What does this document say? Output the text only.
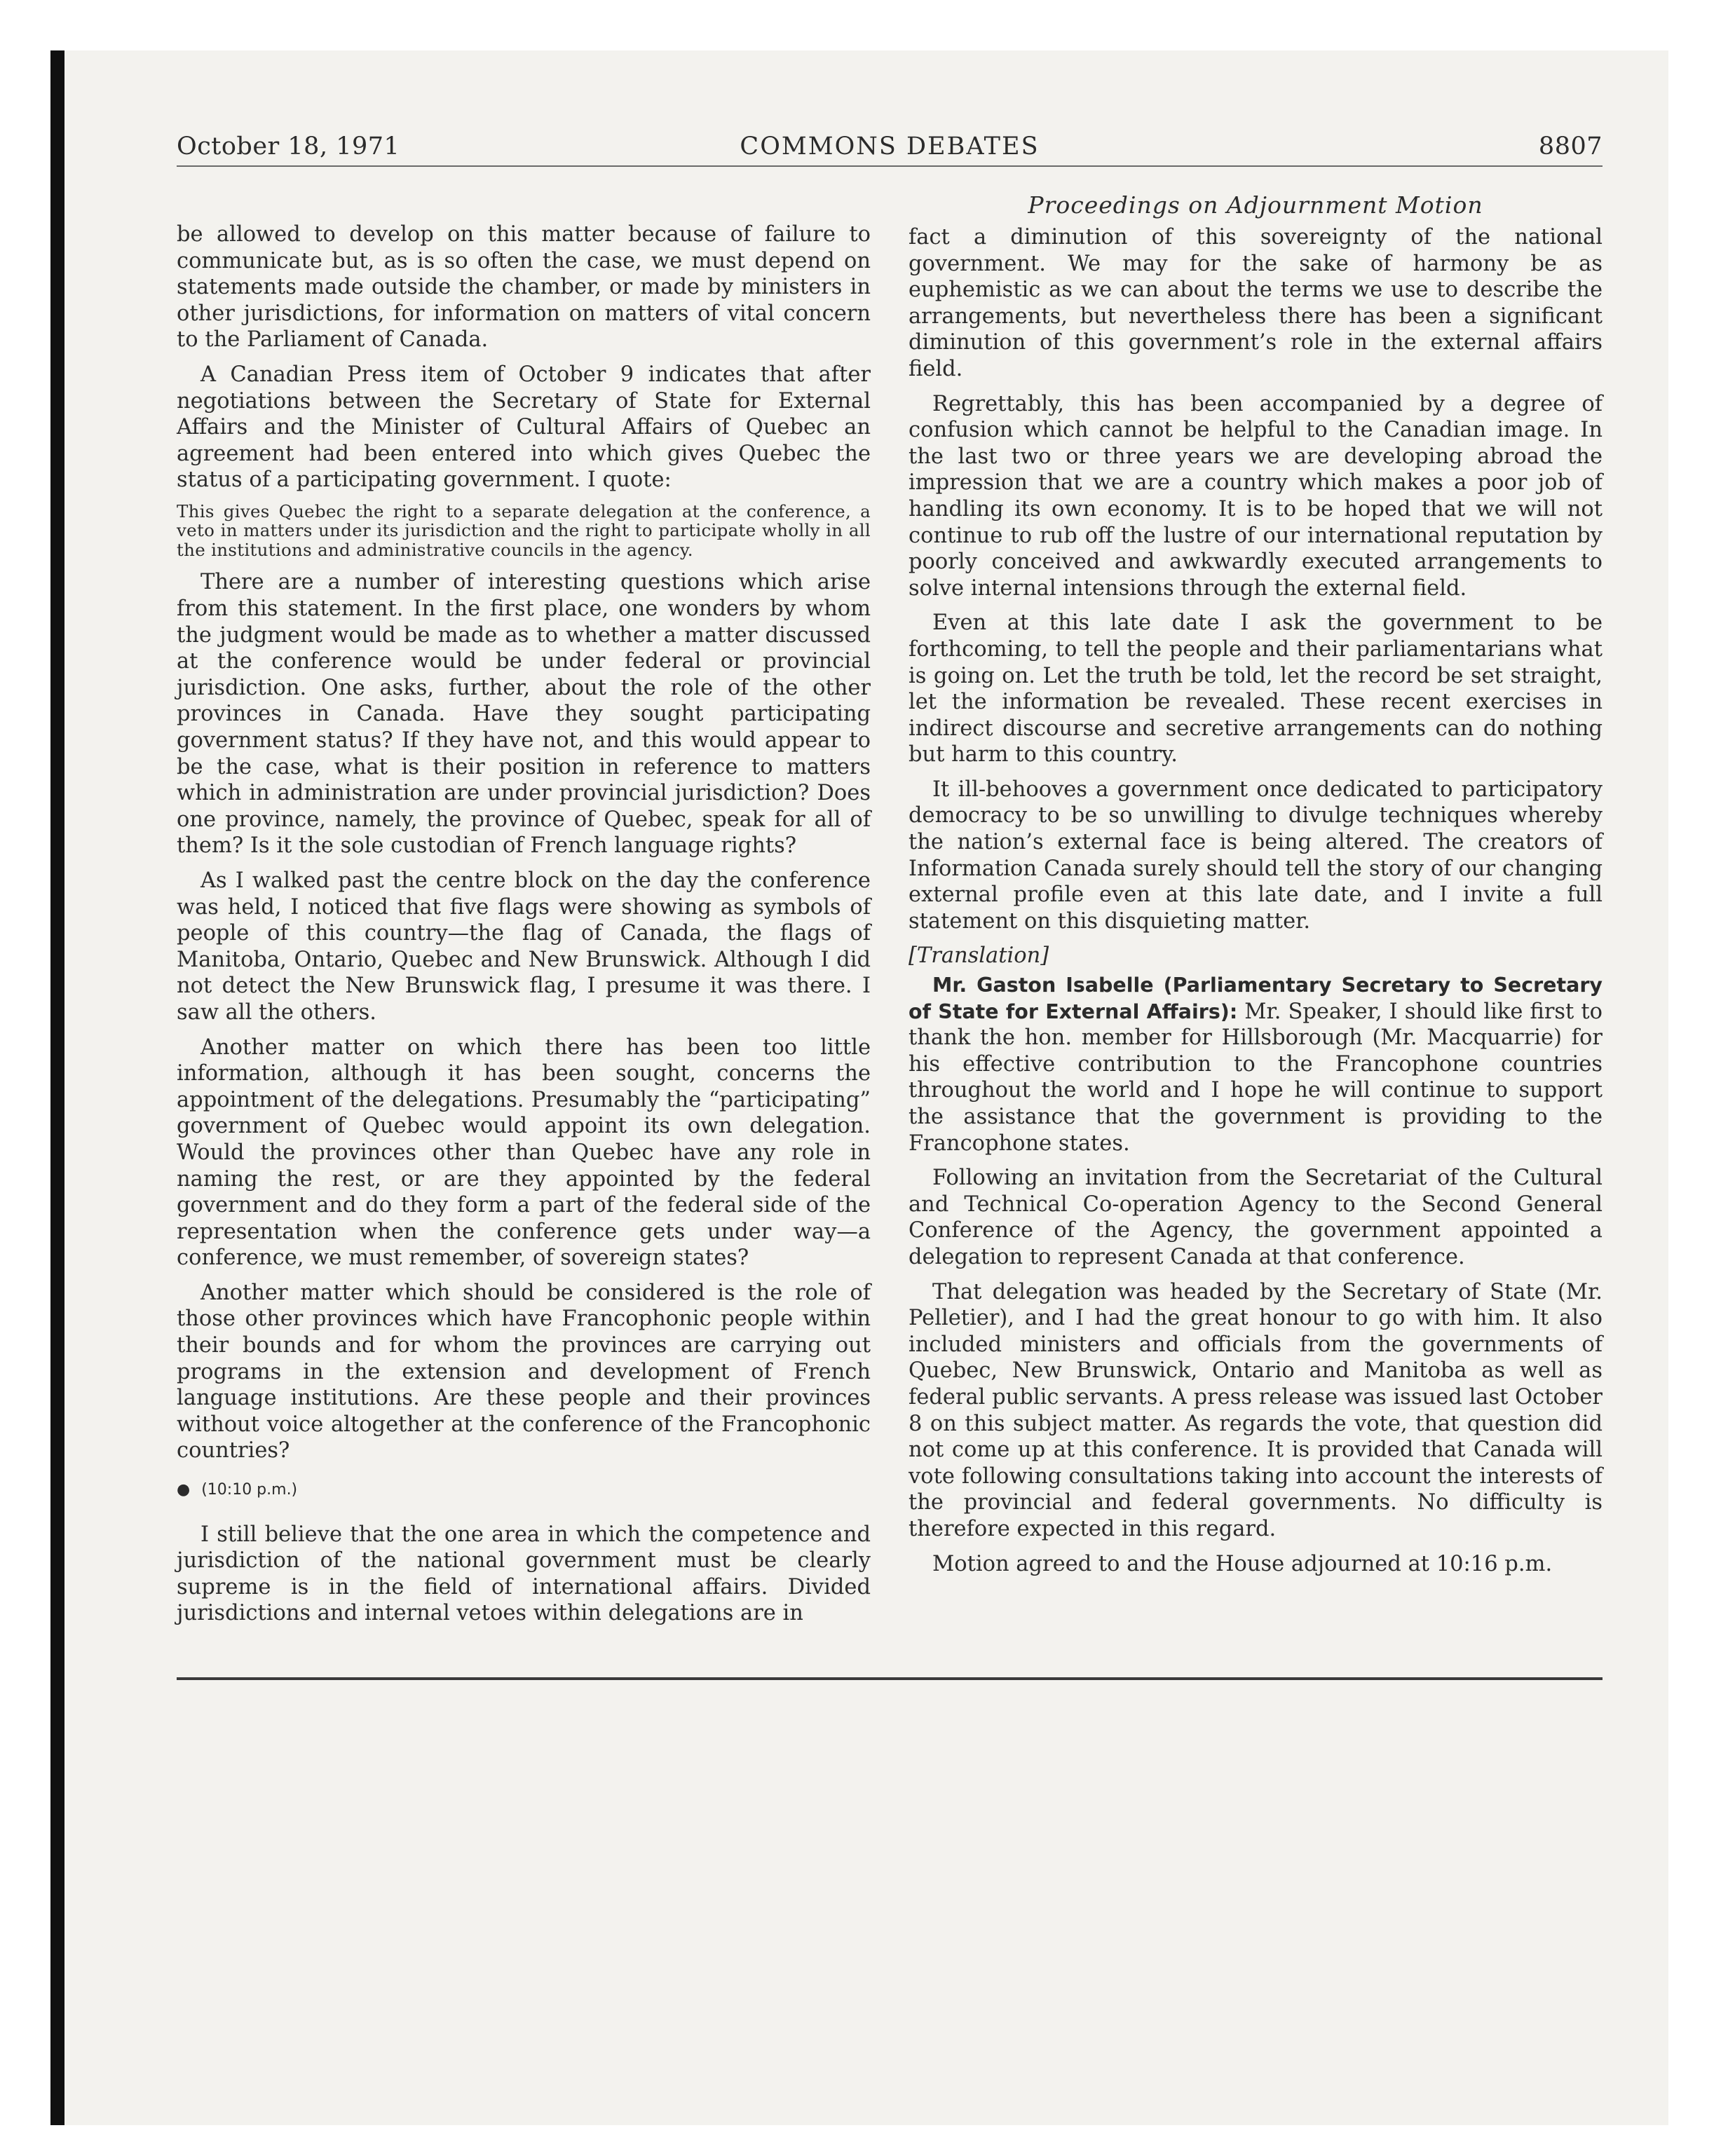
October 18, 1971	COMMONS DEBATES	8807
Proceedings on Adjournment Motion

be allowed to develop on this matter because of failure to communicate but, as is so often the case, we must depend on statements made outside the chamber, or made by ministers in other jurisdictions, for information on matters of vital concern to the Parliament of Canada.

A Canadian Press item of October 9 indicates that after negotiations between the Secretary of State for External Affairs and the Minister of Cultural Affairs of Quebec an agreement had been entered into which gives Quebec the status of a participating government. I quote:

This gives Quebec the right to a separate delegation at the conference, a veto in matters under its jurisdiction and the right to participate wholly in all the institutions and administrative councils in the agency.

There are a number of interesting questions which arise from this statement. In the first place, one wonders by whom the judgment would be made as to whether a matter discussed at the conference would be under federal or provincial jurisdiction. One asks, further, about the role of the other provinces in Canada. Have they sought participating government status? If they have not, and this would appear to be the case, what is their position in reference to matters which in administration are under provincial jurisdiction? Does one province, namely, the province of Quebec, speak for all of them? Is it the sole custodian of French language rights?

As I walked past the centre block on the day the conference was held, I noticed that five flags were showing as symbols of people of this country—the flag of Canada, the flags of Manitoba, Ontario, Quebec and New Brunswick. Although I did not detect the New Brunswick flag, I presume it was there. I saw all the others.

Another matter on which there has been too little information, although it has been sought, concerns the appointment of the delegations. Presumably the “participating” government of Quebec would appoint its own delegation. Would the provinces other than Quebec have any role in naming the rest, or are they appointed by the federal government and do they form a part of the federal side of the representation when the conference gets under way—a conference, we must remember, of sovereign states?

Another matter which should be considered is the role of those other provinces which have Francophonic people within their bounds and for whom the provinces are carrying out programs in the extension and development of French language institutions. Are these people and their provinces without voice altogether at the conference of the Francophonic countries?

● (10:10 p.m.)

I still believe that the one area in which the competence and jurisdiction of the national government must be clearly supreme is in the field of international affairs. Divided jurisdictions and internal vetoes within delegations are in

fact a diminution of this sovereignty of the national government. We may for the sake of harmony be as euphemistic as we can about the terms we use to describe the arrangements, but nevertheless there has been a significant diminution of this government’s role in the external affairs field.

Regrettably, this has been accompanied by a degree of confusion which cannot be helpful to the Canadian image. In the last two or three years we are developing abroad the impression that we are a country which makes a poor job of handling its own economy. It is to be hoped that we will not continue to rub off the lustre of our international reputation by poorly conceived and awkwardly executed arrangements to solve internal intensions through the external field.

Even at this late date I ask the government to be forthcoming, to tell the people and their parliamentarians what is going on. Let the truth be told, let the record be set straight, let the information be revealed. These recent exercises in indirect discourse and secretive arrangements can do nothing but harm to this country.

It ill-behooves a government once dedicated to participatory democracy to be so unwilling to divulge techniques whereby the nation’s external face is being altered. The creators of Information Canada surely should tell the story of our changing external profile even at this late date, and I invite a full statement on this disquieting matter.

[Translation]

Mr. Gaston Isabelle (Parliamentary Secretary to Secretary of State for External Affairs): Mr. Speaker, I should like first to thank the hon. member for Hillsborough (Mr. Macquarrie) for his effective contribution to the Francophone countries throughout the world and I hope he will continue to support the assistance that the government is providing to the Francophone states.

Following an invitation from the Secretariat of the Cultural and Technical Co-operation Agency to the Second General Conference of the Agency, the government appointed a delegation to represent Canada at that conference.

That delegation was headed by the Secretary of State (Mr. Pelletier), and I had the great honour to go with him. It also included ministers and officials from the governments of Quebec, New Brunswick, Ontario and Manitoba as well as federal public servants. A press release was issued last October 8 on this subject matter. As regards the vote, that question did not come up at this conference. It is provided that Canada will vote following consultations taking into account the interests of the provincial and federal governments. No difficulty is therefore expected in this regard.

Motion agreed to and the House adjourned at 10:16 p.m.
